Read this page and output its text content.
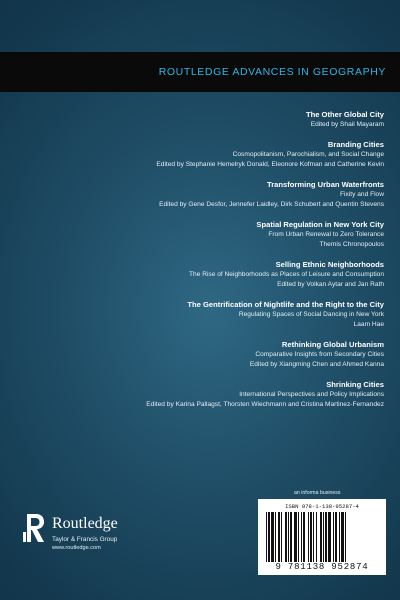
ROUTLEDGE ADVANCES IN GEOGRAPHY
The Other Global City
Edited by Shail Mayaram
Branding Cities
Cosmopolitanism, Parochialism, and Social Change
Edited by Stephanie Hemelryk Donald, Eleonore Kofman and Catherine Kevin
Transforming Urban Waterfronts
Fixity and Flow
Edited by Gene Desfor, Jennefer Laidley, Dirk Schubert and Quentin Stevens
Spatial Regulation in New York City
From Urban Renewal to Zero Tolerance
Themis Chronopoulos
Selling Ethnic Neighborhoods
The Rise of Neighborhoods as Places of Leisure and Consumption
Edited by Volkan Aytar and Jan Rath
The Gentrification of Nightlife and the Right to the City
Regulating Spaces of Social Dancing in New York
Laam Hae
Rethinking Global Urbanism
Comparative Insights from Secondary Cities
Edited by Xiangming Chen and Ahmed Kanna
Shrinking Cities
International Perspectives and Policy Implications
Edited by Karina Pallagst, Thorsten Wiechmann and Cristina Martinez-Fernandez
an informa business
ISBN 978-1-138-95287-4
9 781138 952874
Routledge
Taylor & Francis Group
www.routledge.com
